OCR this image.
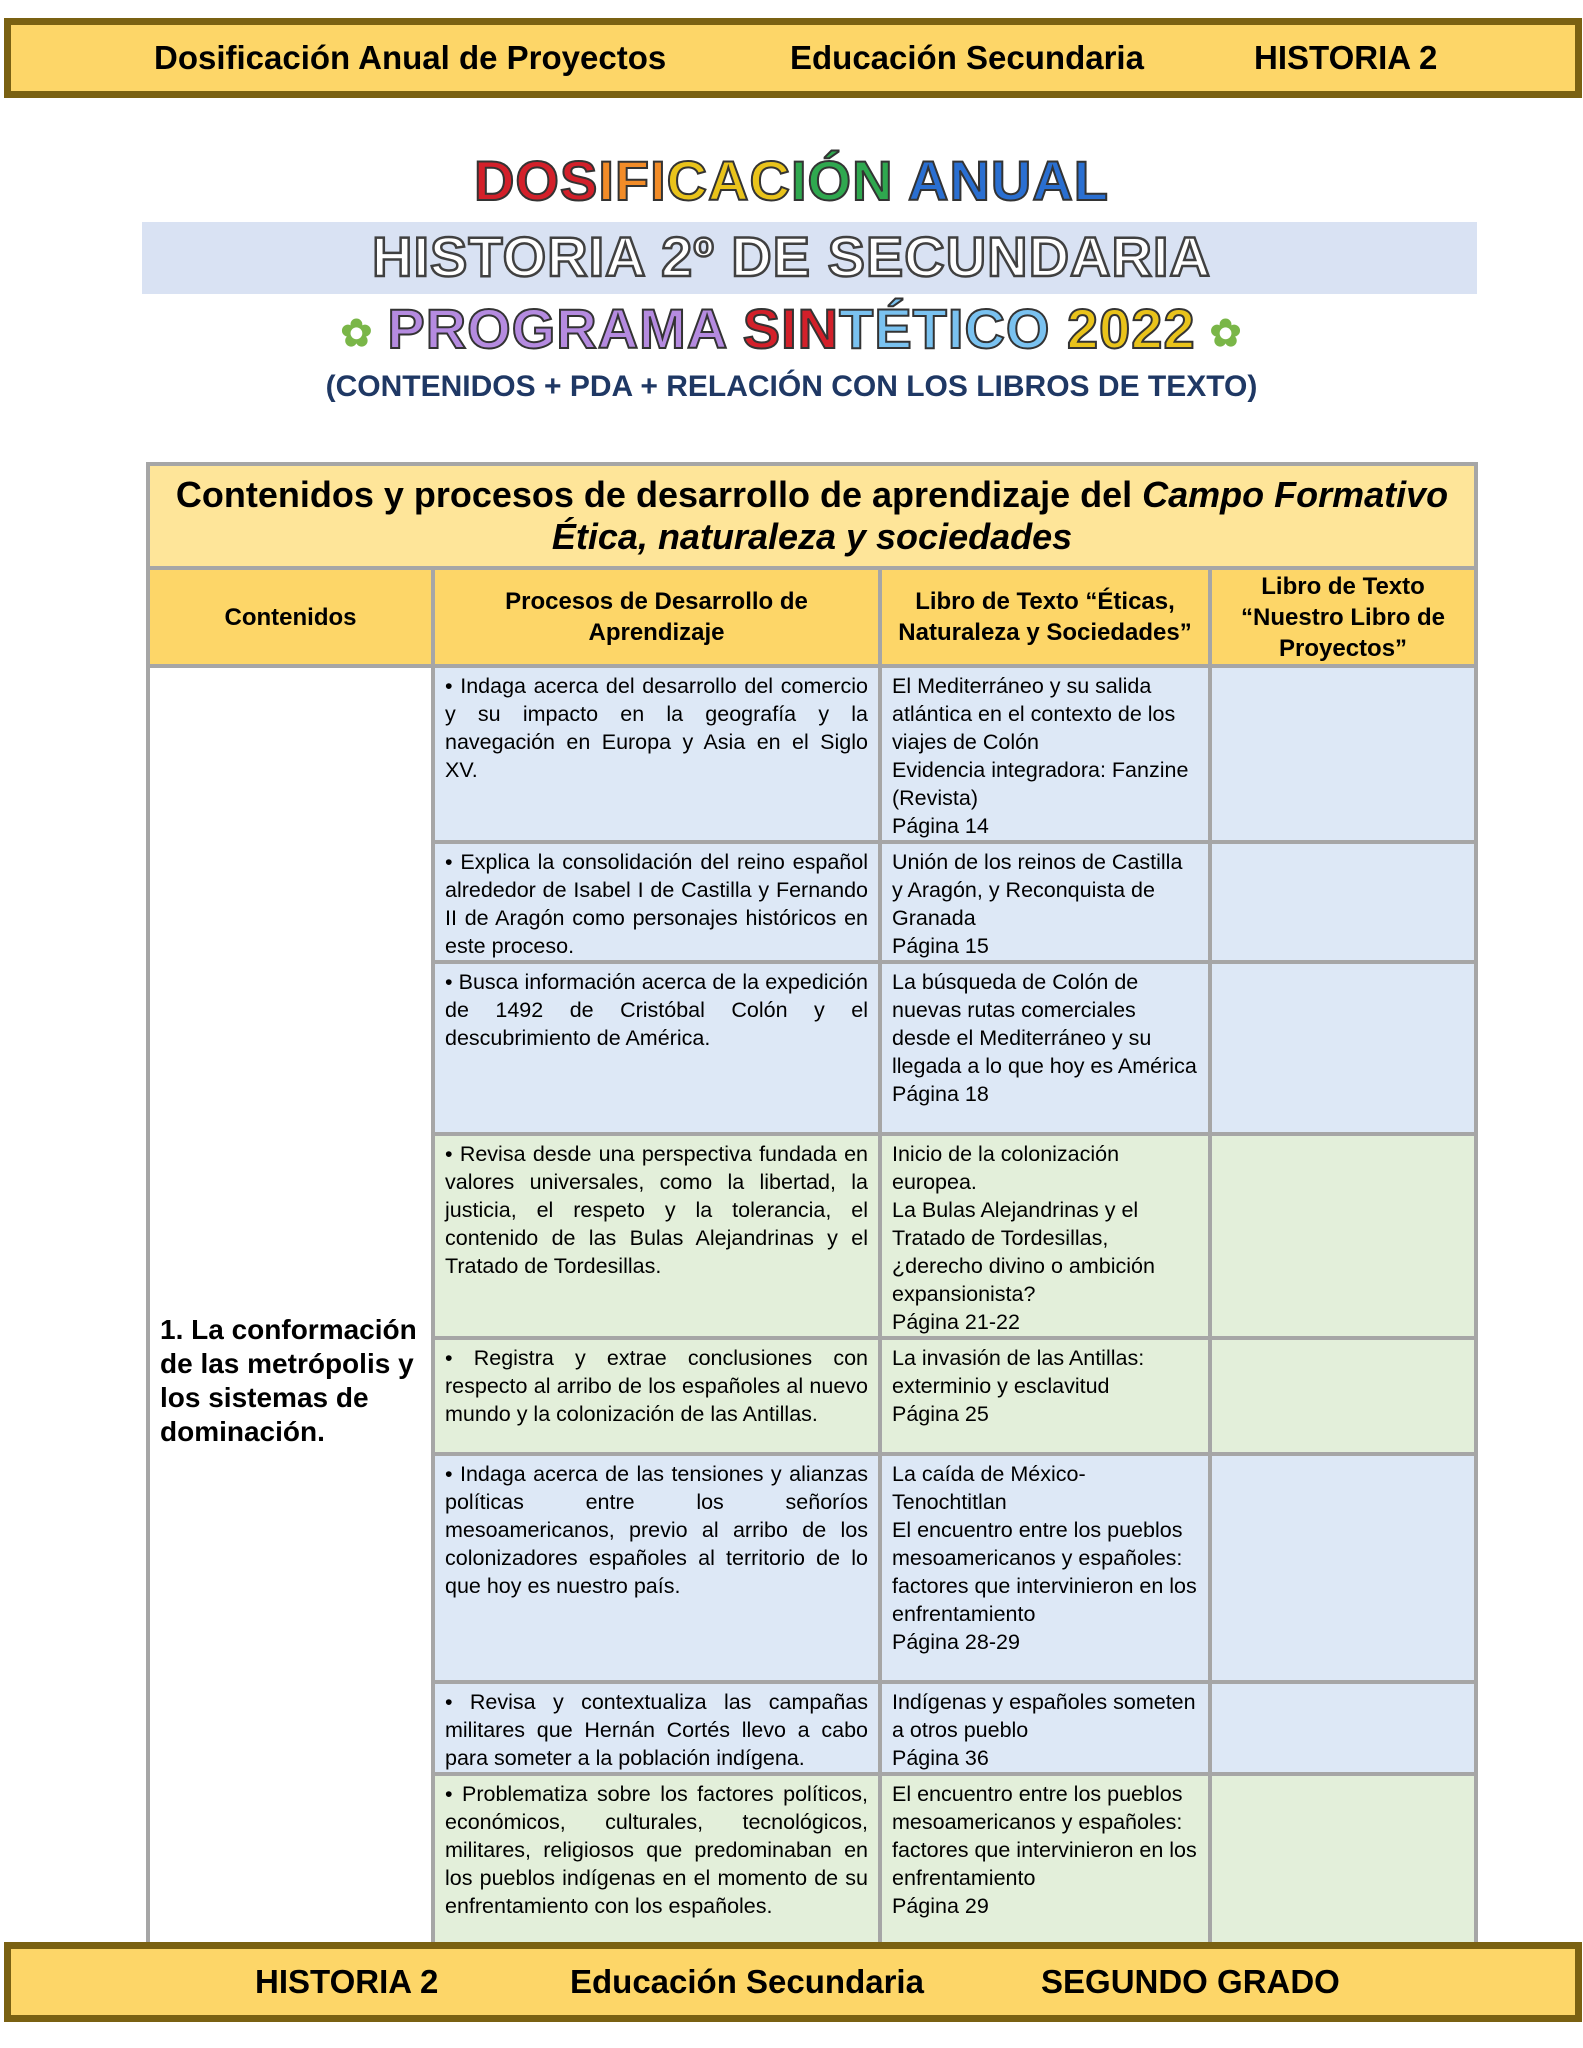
Dosificación Anual de Proyectos	Educación Secundaria	HISTORIA 2
DOSIFICACIÓN ANUAL
HISTORIA 2º DE SECUNDARIA
✿ PROGRAMA SINTÉTICO 2022 ✿
(CONTENIDOS + PDA + RELACIÓN CON LOS LIBROS DE TEXTO)
Contenidos y procesos de desarrollo de aprendizaje del Campo Formativo Ética, naturaleza y sociedades			
Contenidos	Procesos de Desarrollo de Aprendizaje	Libro de Texto “Éticas, Naturaleza y Sociedades”	Libro de Texto “Nuestro Libro de Proyectos”
1. La conformación de las metrópolis y los sistemas de dominación.	• Indaga acerca del desarrollo del comercio y su impacto en la geografía y la navegación en Europa y Asia en el Siglo XV.	El Mediterráneo y su salida atlántica en el contexto de los viajes de Colón
Evidencia integradora: Fanzine (Revista)
Página 14	

	• Explica la consolidación del reino español alrededor de Isabel I de Castilla y Fernando II de Aragón como personajes históricos en este proceso.	Unión de los reinos de Castilla y Aragón, y Reconquista de Granada
Página 15	

	• Busca información acerca de la expedición de 1492 de Cristóbal Colón y el descubrimiento de América.	La búsqueda de Colón de nuevas rutas comerciales desde el Mediterráneo y su llegada a lo que hoy es América
Página 18	

	• Revisa desde una perspectiva fundada en valores universales, como la libertad, la justicia, el respeto y la tolerancia, el contenido de las Bulas Alejandrinas y el Tratado de Tordesillas.	Inicio de la colonización europea.
La Bulas Alejandrinas y el Tratado de Tordesillas, ¿derecho divino o ambición expansionista?
Página 21-22	

	• Registra y extrae conclusiones con respecto al arribo de los españoles al nuevo mundo y la colonización de las Antillas.	La invasión de las Antillas: exterminio y esclavitud
Página 25	

	• Indaga acerca de las tensiones y alianzas políticas entre los señoríos mesoamericanos, previo al arribo de los colonizadores españoles al territorio de lo que hoy es nuestro país.	La caída de México-Tenochtitlan
El encuentro entre los pueblos mesoamericanos y españoles: factores que intervinieron en los enfrentamiento
Página 28-29	

	• Revisa y contextualiza las campañas militares que Hernán Cortés llevo a cabo para someter a la población indígena.	Indígenas y españoles someten a otros pueblo
Página 36	

	• Problematiza sobre los factores políticos, económicos, culturales, tecnológicos, militares, religiosos que predominaban en los pueblos indígenas en el momento de su enfrentamiento con los españoles.	El encuentro entre los pueblos mesoamericanos y españoles: factores que intervinieron en los enfrentamiento
Página 29	

HISTORIA 2	Educación Secundaria	SEGUNDO GRADO
